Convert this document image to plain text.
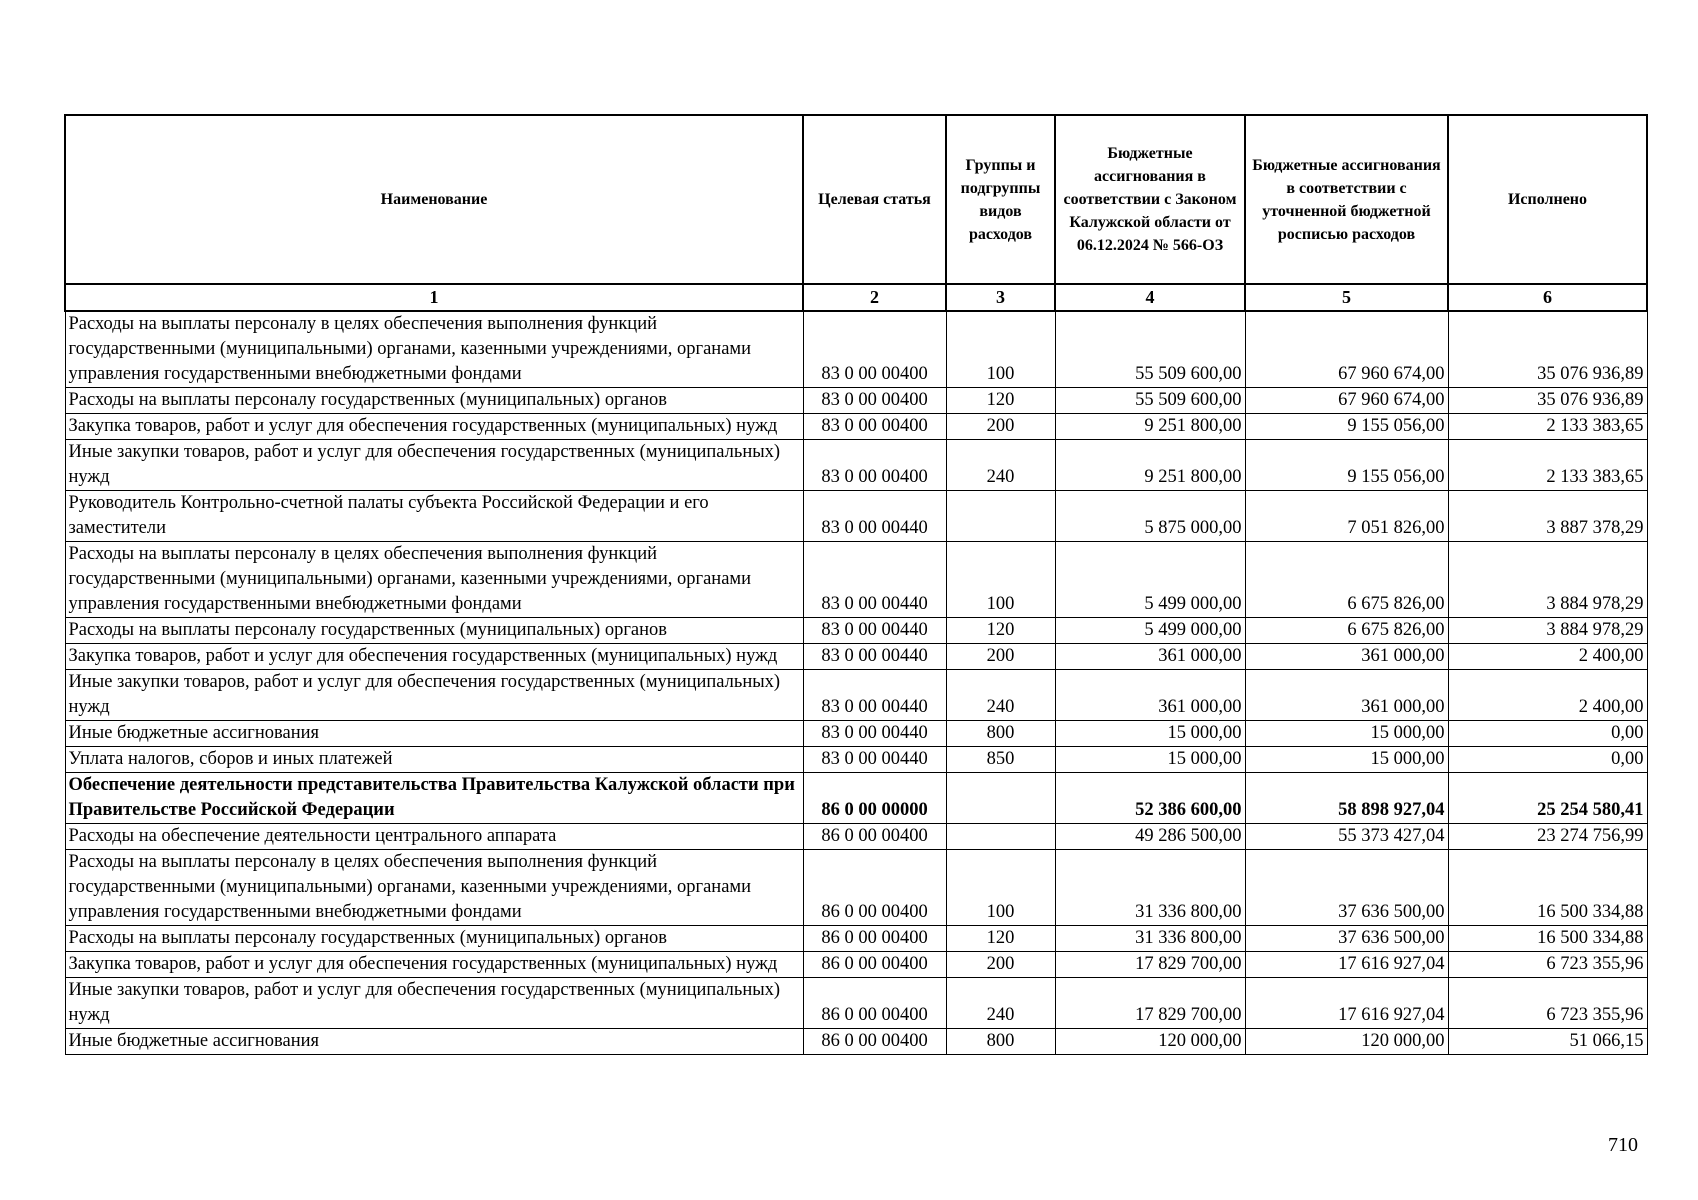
Наименование	Целевая статья	Группы и подгруппы видов расходов	Бюджетные ассигнования в соответствии с Законом Калужской области от 06.12.2024 № 566-ОЗ	Бюджетные ассигнования в соответствии с уточненной бюджетной росписью расходов	Исполнено
1	2	3	4	5	6
Расходы на выплаты персоналу в целях обеспечения выполнения функций государственными (муниципальными) органами, казенными учреждениями, органами управления государственными внебюджетными фондами	83 0 00 00400	100	55 509 600,00	67 960 674,00	35 076 936,89
Расходы на выплаты персоналу государственных (муниципальных) органов	83 0 00 00400	120	55 509 600,00	67 960 674,00	35 076 936,89
Закупка товаров, работ и услуг для обеспечения государственных (муниципальных) нужд	83 0 00 00400	200	9 251 800,00	9 155 056,00	2 133 383,65
Иные закупки товаров, работ и услуг для обеспечения государственных (муниципальных) нужд	83 0 00 00400	240	9 251 800,00	9 155 056,00	2 133 383,65
Руководитель Контрольно-счетной палаты субъекта Российской Федерации и его заместители	83 0 00 00440		5 875 000,00	7 051 826,00	3 887 378,29
Расходы на выплаты персоналу в целях обеспечения выполнения функций государственными (муниципальными) органами, казенными учреждениями, органами управления государственными внебюджетными фондами	83 0 00 00440	100	5 499 000,00	6 675 826,00	3 884 978,29
Расходы на выплаты персоналу государственных (муниципальных) органов	83 0 00 00440	120	5 499 000,00	6 675 826,00	3 884 978,29
Закупка товаров, работ и услуг для обеспечения государственных (муниципальных) нужд	83 0 00 00440	200	361 000,00	361 000,00	2 400,00
Иные закупки товаров, работ и услуг для обеспечения государственных (муниципальных) нужд	83 0 00 00440	240	361 000,00	361 000,00	2 400,00
Иные бюджетные ассигнования	83 0 00 00440	800	15 000,00	15 000,00	0,00
Уплата налогов, сборов и иных платежей	83 0 00 00440	850	15 000,00	15 000,00	0,00
Обеспечение деятельности представительства Правительства Калужской области при Правительстве Российской Федерации	86 0 00 00000		52 386 600,00	58 898 927,04	25 254 580,41
Расходы на обеспечение деятельности центрального аппарата	86 0 00 00400		49 286 500,00	55 373 427,04	23 274 756,99
Расходы на выплаты персоналу в целях обеспечения выполнения функций государственными (муниципальными) органами, казенными учреждениями, органами управления государственными внебюджетными фондами	86 0 00 00400	100	31 336 800,00	37 636 500,00	16 500 334,88
Расходы на выплаты персоналу государственных (муниципальных) органов	86 0 00 00400	120	31 336 800,00	37 636 500,00	16 500 334,88
Закупка товаров, работ и услуг для обеспечения государственных (муниципальных) нужд	86 0 00 00400	200	17 829 700,00	17 616 927,04	6 723 355,96
Иные закупки товаров, работ и услуг для обеспечения государственных (муниципальных) нужд	86 0 00 00400	240	17 829 700,00	17 616 927,04	6 723 355,96
Иные бюджетные ассигнования	86 0 00 00400	800	120 000,00	120 000,00	51 066,15
710
